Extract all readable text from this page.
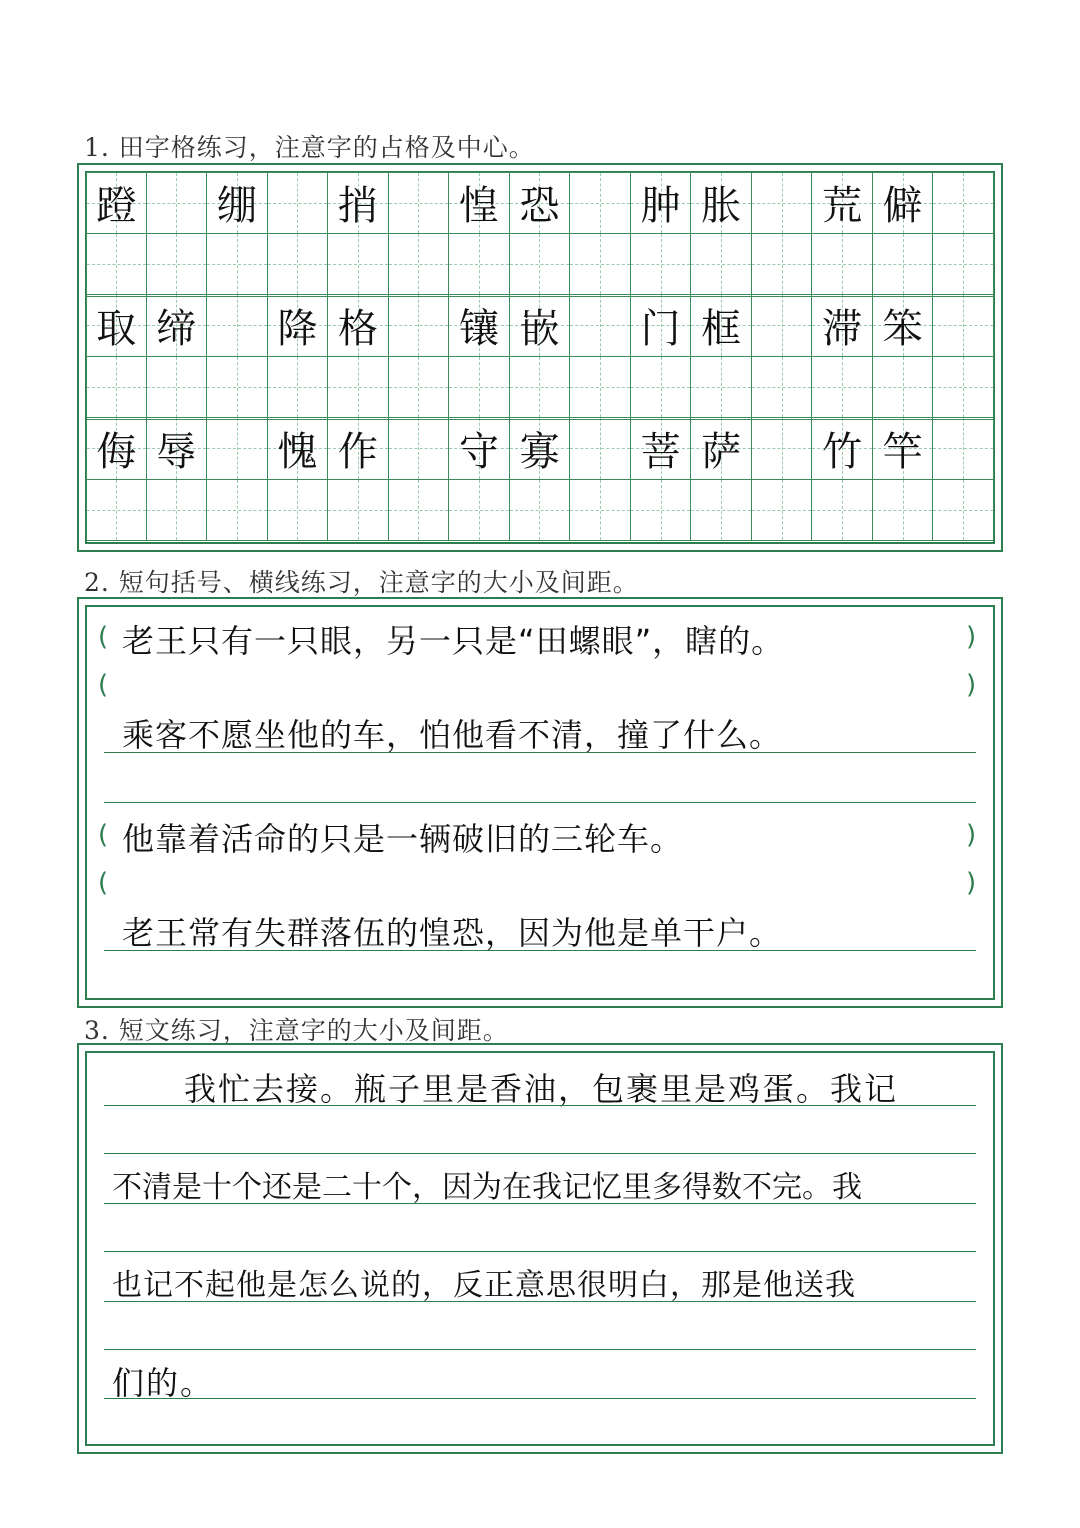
1. 田字格练习，注意字的占格及中心。
蹬 绷 捎 惶 恐 肿 胀 荒 僻
取 缔 降 格 镶 嵌 门 框 滞 笨
侮 辱 愧 作 守 寡 菩 萨 竹 竿
2. 短句括号、横线练习，注意字的大小及间距。
(	)
老王只有一只眼，另一只是“田螺眼”，瞎的。
(	)
乘客不愿坐他的车，怕他看不清，撞了什么。
(	)
他靠着活命的只是一辆破旧的三轮车。
(	)
老王常有失群落伍的惶恐，因为他是单干户。
3. 短文练习，注意字的大小及间距。
我忙去接。瓶子里是香油，包裹里是鸡蛋。我记
不清是十个还是二十个，因为在我记忆里多得数不完。我
也记不起他是怎么说的，反正意思很明白，那是他送我
们的。
